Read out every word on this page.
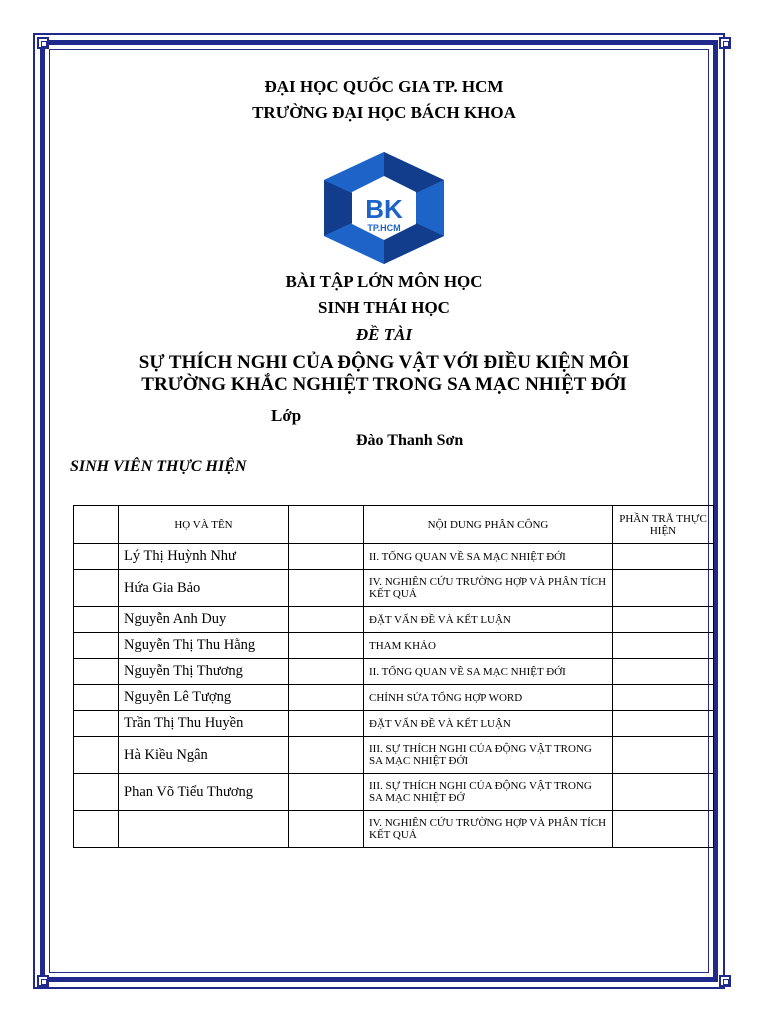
ĐẠI HỌC QUỐC GIA TP. HCM
TRƯỜNG ĐẠI HỌC BÁCH KHOA
BK
TP.HCM
BÀI TẬP LỚN MÔN HỌC
SINH THÁI HỌC
ĐỀ TÀI
SỰ THÍCH NGHI CỦA ĐỘNG VẬT VỚI ĐIỀU KIỆN MÔI
TRƯỜNG KHẮC NGHIỆT TRONG SA MẠC NHIỆT ĐỚI
Lớp
Đào Thanh Sơn
SINH VIÊN THỰC HIỆN
	HỌ VÀ TÊN		NỘI DUNG PHÂN CÔNG	PHẦN TRĂ THỰC HIỆN
	Lý Thị Huỳnh Như		II. TỔNG QUAN VỀ SA MẠC NHIỆT ĐỚI	
	Hứa Gia Bảo		IV. NGHIÊN CỨU TRƯỜNG HỢP VÀ PHÂN TÍCH KẾT QUẢ	
	Nguyễn Anh Duy		ĐẶT VẤN ĐỀ VÀ KẾT LUẬN	
	Nguyễn Thị Thu Hằng		THAM KHẢO	
	Nguyễn Thị Thương		II. TỔNG QUAN VỀ SA MẠC NHIỆT ĐỚI	
	Nguyễn Lê Tượng		CHỈNH SỬA TỔNG HỢP WORD	
	Trần Thị Thu Huyền		ĐẶT VẤN ĐỀ VÀ KẾT LUẬN	
	Hà Kiều Ngân		III. SỰ THÍCH NGHI CỦA ĐỘNG VẬT TRONG SA MẠC NHIỆT ĐỚI	
	Phan Võ Tiểu Thương		III. SỰ THÍCH NGHI CỦA ĐỘNG VẬT TRONG SA MẠC NHIỆT ĐỚ	
			IV. NGHIÊN CỨU TRƯỜNG HỢP VÀ PHÂN TÍCH KẾT QUẢ	
